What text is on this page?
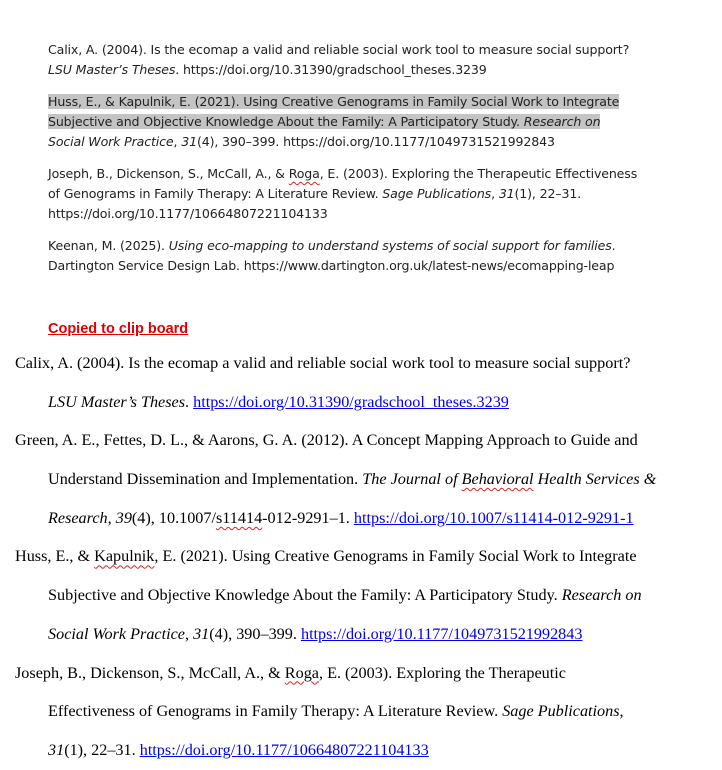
Calix, A. (2004). Is the ecomap a valid and reliable social work tool to measure social support?
LSU Master’s Theses. https://doi.org/10.31390/gradschool_theses.3239
Huss, E., & Kapulnik, E. (2021). Using Creative Genograms in Family Social Work to Integrate
Subjective and Objective Knowledge About the Family: A Participatory Study. Research on
Social Work Practice, 31(4), 390–399. https://doi.org/10.1177/1049731521992843
Joseph, B., Dickenson, S., McCall, A., & Roga, E. (2003). Exploring the Therapeutic Effectiveness
of Genograms in Family Therapy: A Literature Review. Sage Publications, 31(1), 22–31.
https://doi.org/10.1177/10664807221104133
Keenan, M. (2025). Using eco-mapping to understand systems of social support for families.
Dartington Service Design Lab. https://www.dartington.org.uk/latest-news/ecomapping-leap
Copied to clip board
Calix, A. (2004). Is the ecomap a valid and reliable social work tool to measure social support?
LSU Master’s Theses. https://doi.org/10.31390/gradschool_theses.3239
Green, A. E., Fettes, D. L., & Aarons, G. A. (2012). A Concept Mapping Approach to Guide and
Understand Dissemination and Implementation. The Journal of Behavioral Health Services &
Research, 39(4), 10.1007/s11414-012-9291–1. https://doi.org/10.1007/s11414-012-9291-1
Huss, E., & Kapulnik, E. (2021). Using Creative Genograms in Family Social Work to Integrate
Subjective and Objective Knowledge About the Family: A Participatory Study. Research on
Social Work Practice, 31(4), 390–399. https://doi.org/10.1177/1049731521992843
Joseph, B., Dickenson, S., McCall, A., & Roga, E. (2003). Exploring the Therapeutic
Effectiveness of Genograms in Family Therapy: A Literature Review. Sage Publications,
31(1), 22–31. https://doi.org/10.1177/10664807221104133
